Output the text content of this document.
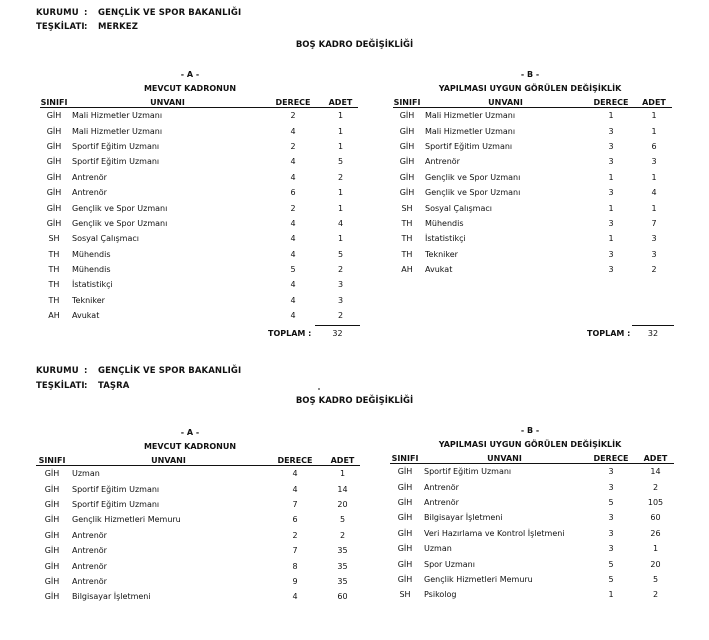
KURUMU : GENÇLİK VE SPOR BAKANLIĞI
TEŞKİLATI: MERKEZ
BOŞ KADRO DEĞİŞİKLİĞİ
- A -
MEVCUT KADRONUN
- B -
YAPILMASI UYGUN GÖRÜLEN DEĞİŞİKLİK
SINIFI	UNVANI	DERECE	ADET
GİH	Mali Hizmetler Uzmanı	2	1
GİH	Mali Hizmetler Uzmanı	4	1
GİH	Sportif Eğitim Uzmanı	2	1
GİH	Sportif Eğitim Uzmanı	4	5
GİH	Antrenör	4	2
GİH	Antrenör	6	1
GİH	Gençlik ve Spor Uzmanı	2	1
GİH	Gençlik ve Spor Uzmanı	4	4
SH	Sosyal Çalışmacı	4	1
TH	Mühendis	4	5
TH	Mühendis	5	2
TH	İstatistikçi	4	3
TH	Tekniker	4	3
AH	Avukat	4	2
SINIFI	UNVANI	DERECE	ADET
GİH	Mali Hizmetler Uzmanı	1	1
GİH	Mali Hizmetler Uzmanı	3	1
GİH	Sportif Eğitim Uzmanı	3	6
GİH	Antrenör	3	3
GİH	Gençlik ve Spor Uzmanı	1	1
GİH	Gençlik ve Spor Uzmanı	3	4
SH	Sosyal Çalışmacı	1	1
TH	Mühendis	3	7
TH	İstatistikçi	1	3
TH	Tekniker	3	3
AH	Avukat	3	2
TOPLAM :	32	TOPLAM :	32
KURUMU : GENÇLİK VE SPOR BAKANLIĞI
TEŞKİLATI: TAŞRA
BOŞ KADRO DEĞİŞİKLİĞİ
- A -
MEVCUT KADRONUN
- B -
YAPILMASI UYGUN GÖRÜLEN DEĞİŞİKLİK
SINIFI	UNVANI	DERECE	ADET
GİH	Uzman	4	1
GİH	Sportif Eğitim Uzmanı	4	14
GİH	Sportif Eğitim Uzmanı	7	20
GİH	Gençlik Hizmetleri Memuru	6	5
GİH	Antrenör	2	2
GİH	Antrenör	7	35
GİH	Antrenör	8	35
GİH	Antrenör	9	35
GİH	Bilgisayar İşletmeni	4	60
SINIFI	UNVANI	DERECE	ADET
GİH	Sportif Eğitim Uzmanı	3	14
GİH	Antrenör	3	2
GİH	Antrenör	5	105
GİH	Bilgisayar İşletmeni	3	60
GİH	Veri Hazırlama ve Kontrol İşletmeni	3	26
GİH	Uzman	3	1
GİH	Spor Uzmanı	5	20
GİH	Gençlik Hizmetleri Memuru	5	5
SH	Psikolog	1	2
